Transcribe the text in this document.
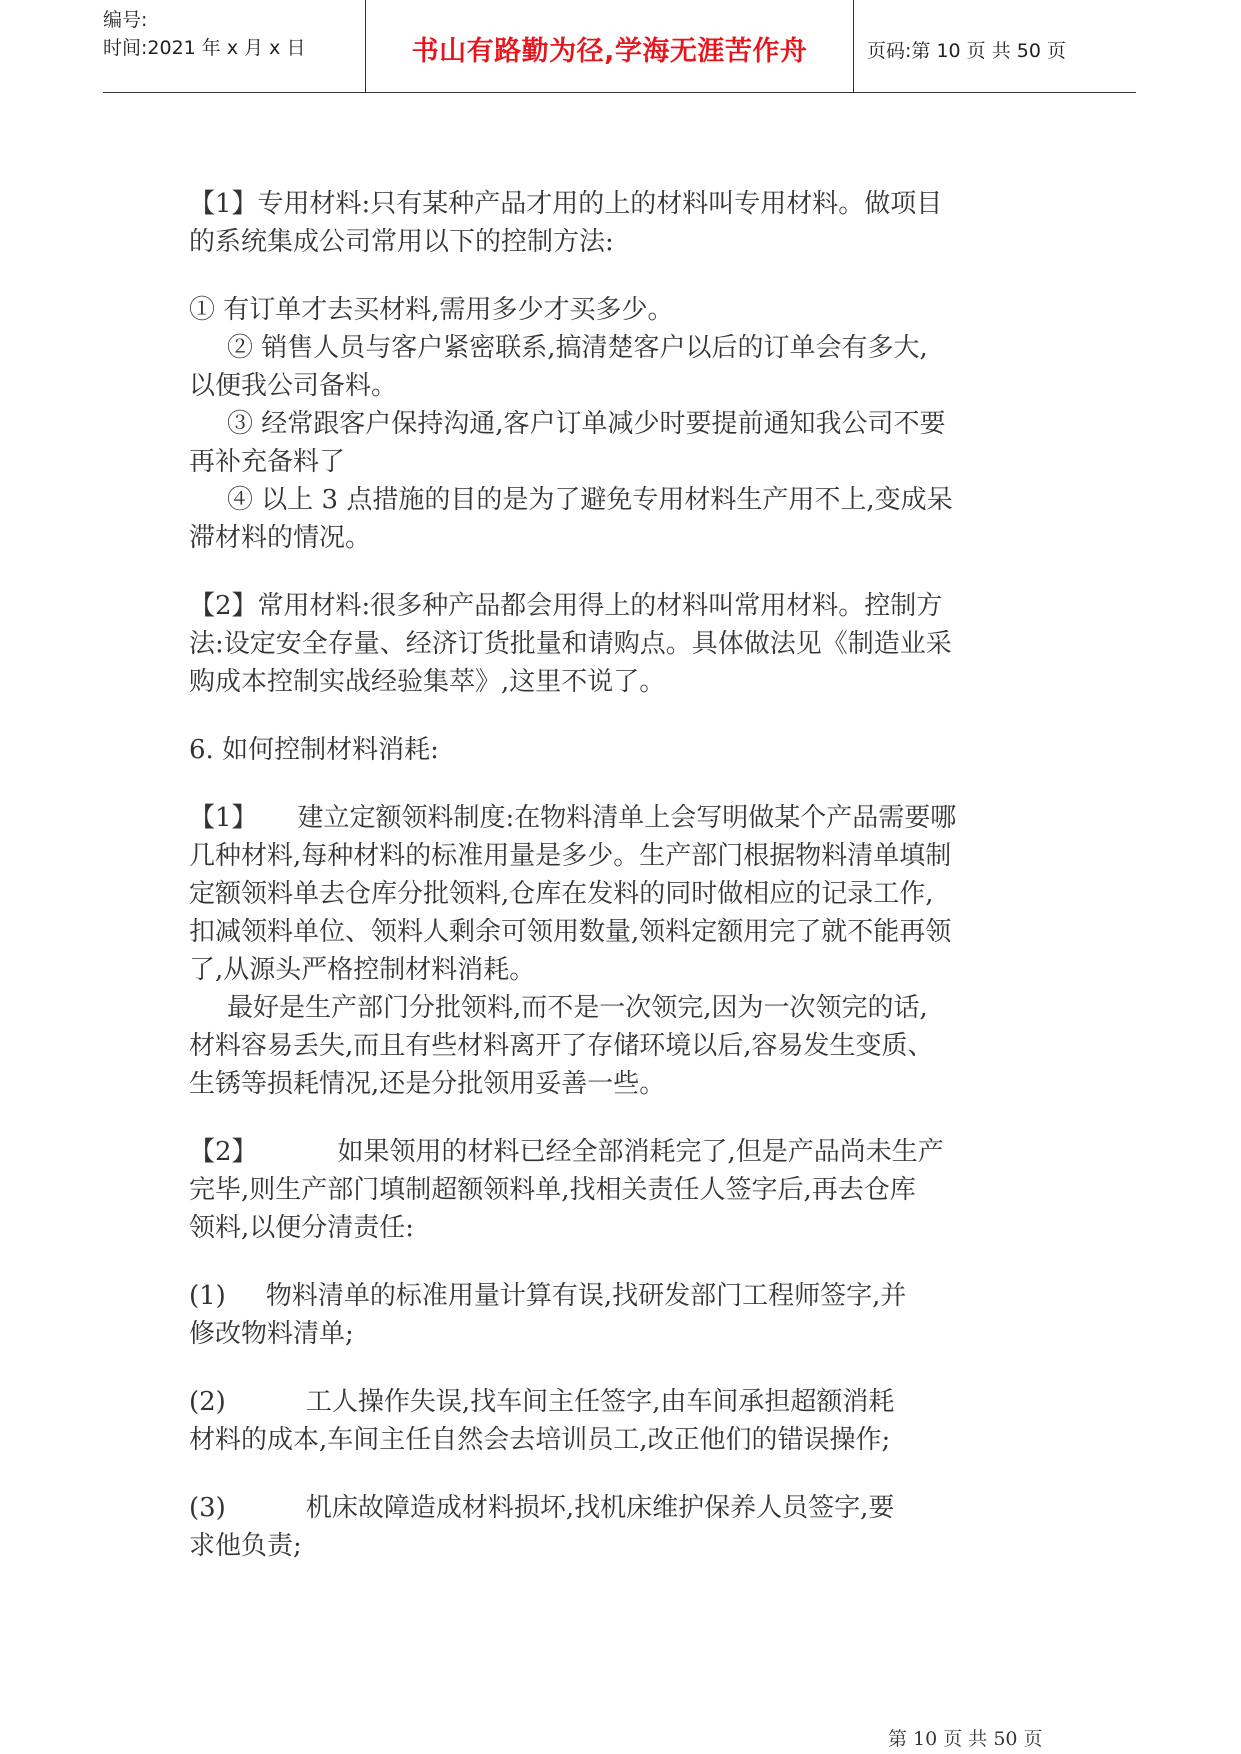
编号:
时间:2021 年 x 月 x 日	书山有路勤为径,学海无涯苦作舟	页码:第 10 页 共 50 页

【1】专用材料:只有某种产品才用的上的材料叫专用材料。做项目

的系统集成公司常用以下的控制方法:

① 有订单才去买材料,需用多少才买多少。

② 销售人员与客户紧密联系,搞清楚客户以后的订单会有多大,

以便我公司备料。

③ 经常跟客户保持沟通,客户订单减少时要提前通知我公司不要

再补充备料了

④ 以上 3 点措施的目的是为了避免专用材料生产用不上,变成呆

滞材料的情况。

【2】常用材料:很多种产品都会用得上的材料叫常用材料。控制方

法:设定安全存量、经济订货批量和请购点。具体做法见《制造业采

购成本控制实战经验集萃》,这里不说了。

6. 如何控制材料消耗:

【1】 建立定额领料制度:在物料清单上会写明做某个产品需要哪

几种材料,每种材料的标准用量是多少。生产部门根据物料清单填制

定额领料单去仓库分批领料,仓库在发料的同时做相应的记录工作,

扣减领料单位、领料人剩余可领用数量,领料定额用完了就不能再领

了,从源头严格控制材料消耗。

最好是生产部门分批领料,而不是一次领完,因为一次领完的话,

材料容易丢失,而且有些材料离开了存储环境以后,容易发生变质、

生锈等损耗情况,还是分批领用妥善一些。

【2】	如果领用的材料已经全部消耗完了,但是产品尚未生产

完毕,则生产部门填制超额领料单,找相关责任人签字后,再去仓库

领料,以便分清责任:

(1) 物料清单的标准用量计算有误,找研发部门工程师签字,并

修改物料清单;

(2)	工人操作失误,找车间主任签字,由车间承担超额消耗

材料的成本,车间主任自然会去培训员工,改正他们的错误操作;

(3)	机床故障造成材料损坏,找机床维护保养人员签字,要

求他负责;

第 10 页 共 50 页
